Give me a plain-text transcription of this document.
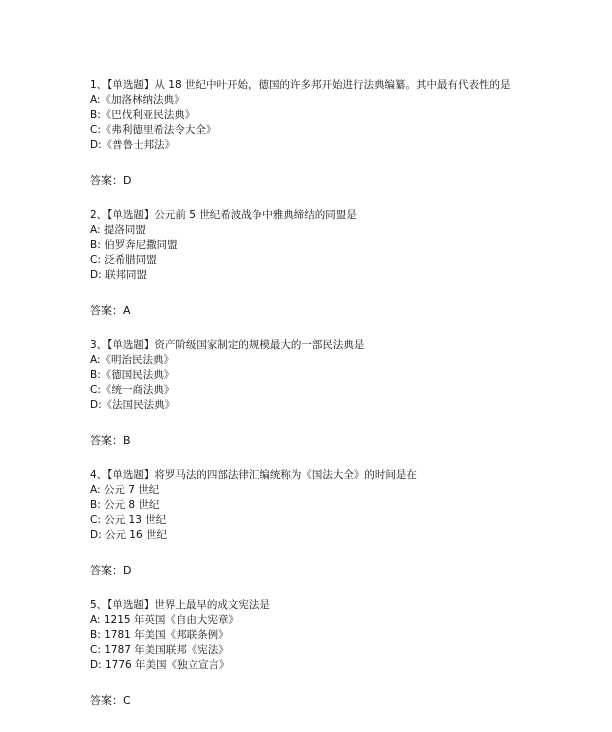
1、【单选题】从 18 世纪中叶开始，德国的许多邦开始进行法典编纂。其中最有代表性的是
A:《加洛林纳法典》
B:《巴伐利亚民法典》
C:《弗利德里希法令大全》
D:《普鲁士邦法》
答案：D
2、【单选题】公元前 5 世纪希波战争中雅典缔结的同盟是
A: 提洛同盟
B: 伯罗奔尼撒同盟
C: 泛希腊同盟
D: 联邦同盟
答案：A
3、【单选题】资产阶级国家制定的规模最大的一部民法典是
A:《明治民法典》
B:《德国民法典》
C:《统一商法典》
D:《法国民法典》
答案：B
4、【单选题】将罗马法的四部法律汇编统称为《国法大全》的时间是在
A: 公元 7 世纪
B: 公元 8 世纪
C: 公元 13 世纪
D: 公元 16 世纪
答案：D
5、【单选题】世界上最早的成文宪法是
A: 1215 年英国《自由大宪章》
B: 1781 年美国《邦联条例》
C: 1787 年美国联邦《宪法》
D: 1776 年美国《独立宣言》
答案：C
